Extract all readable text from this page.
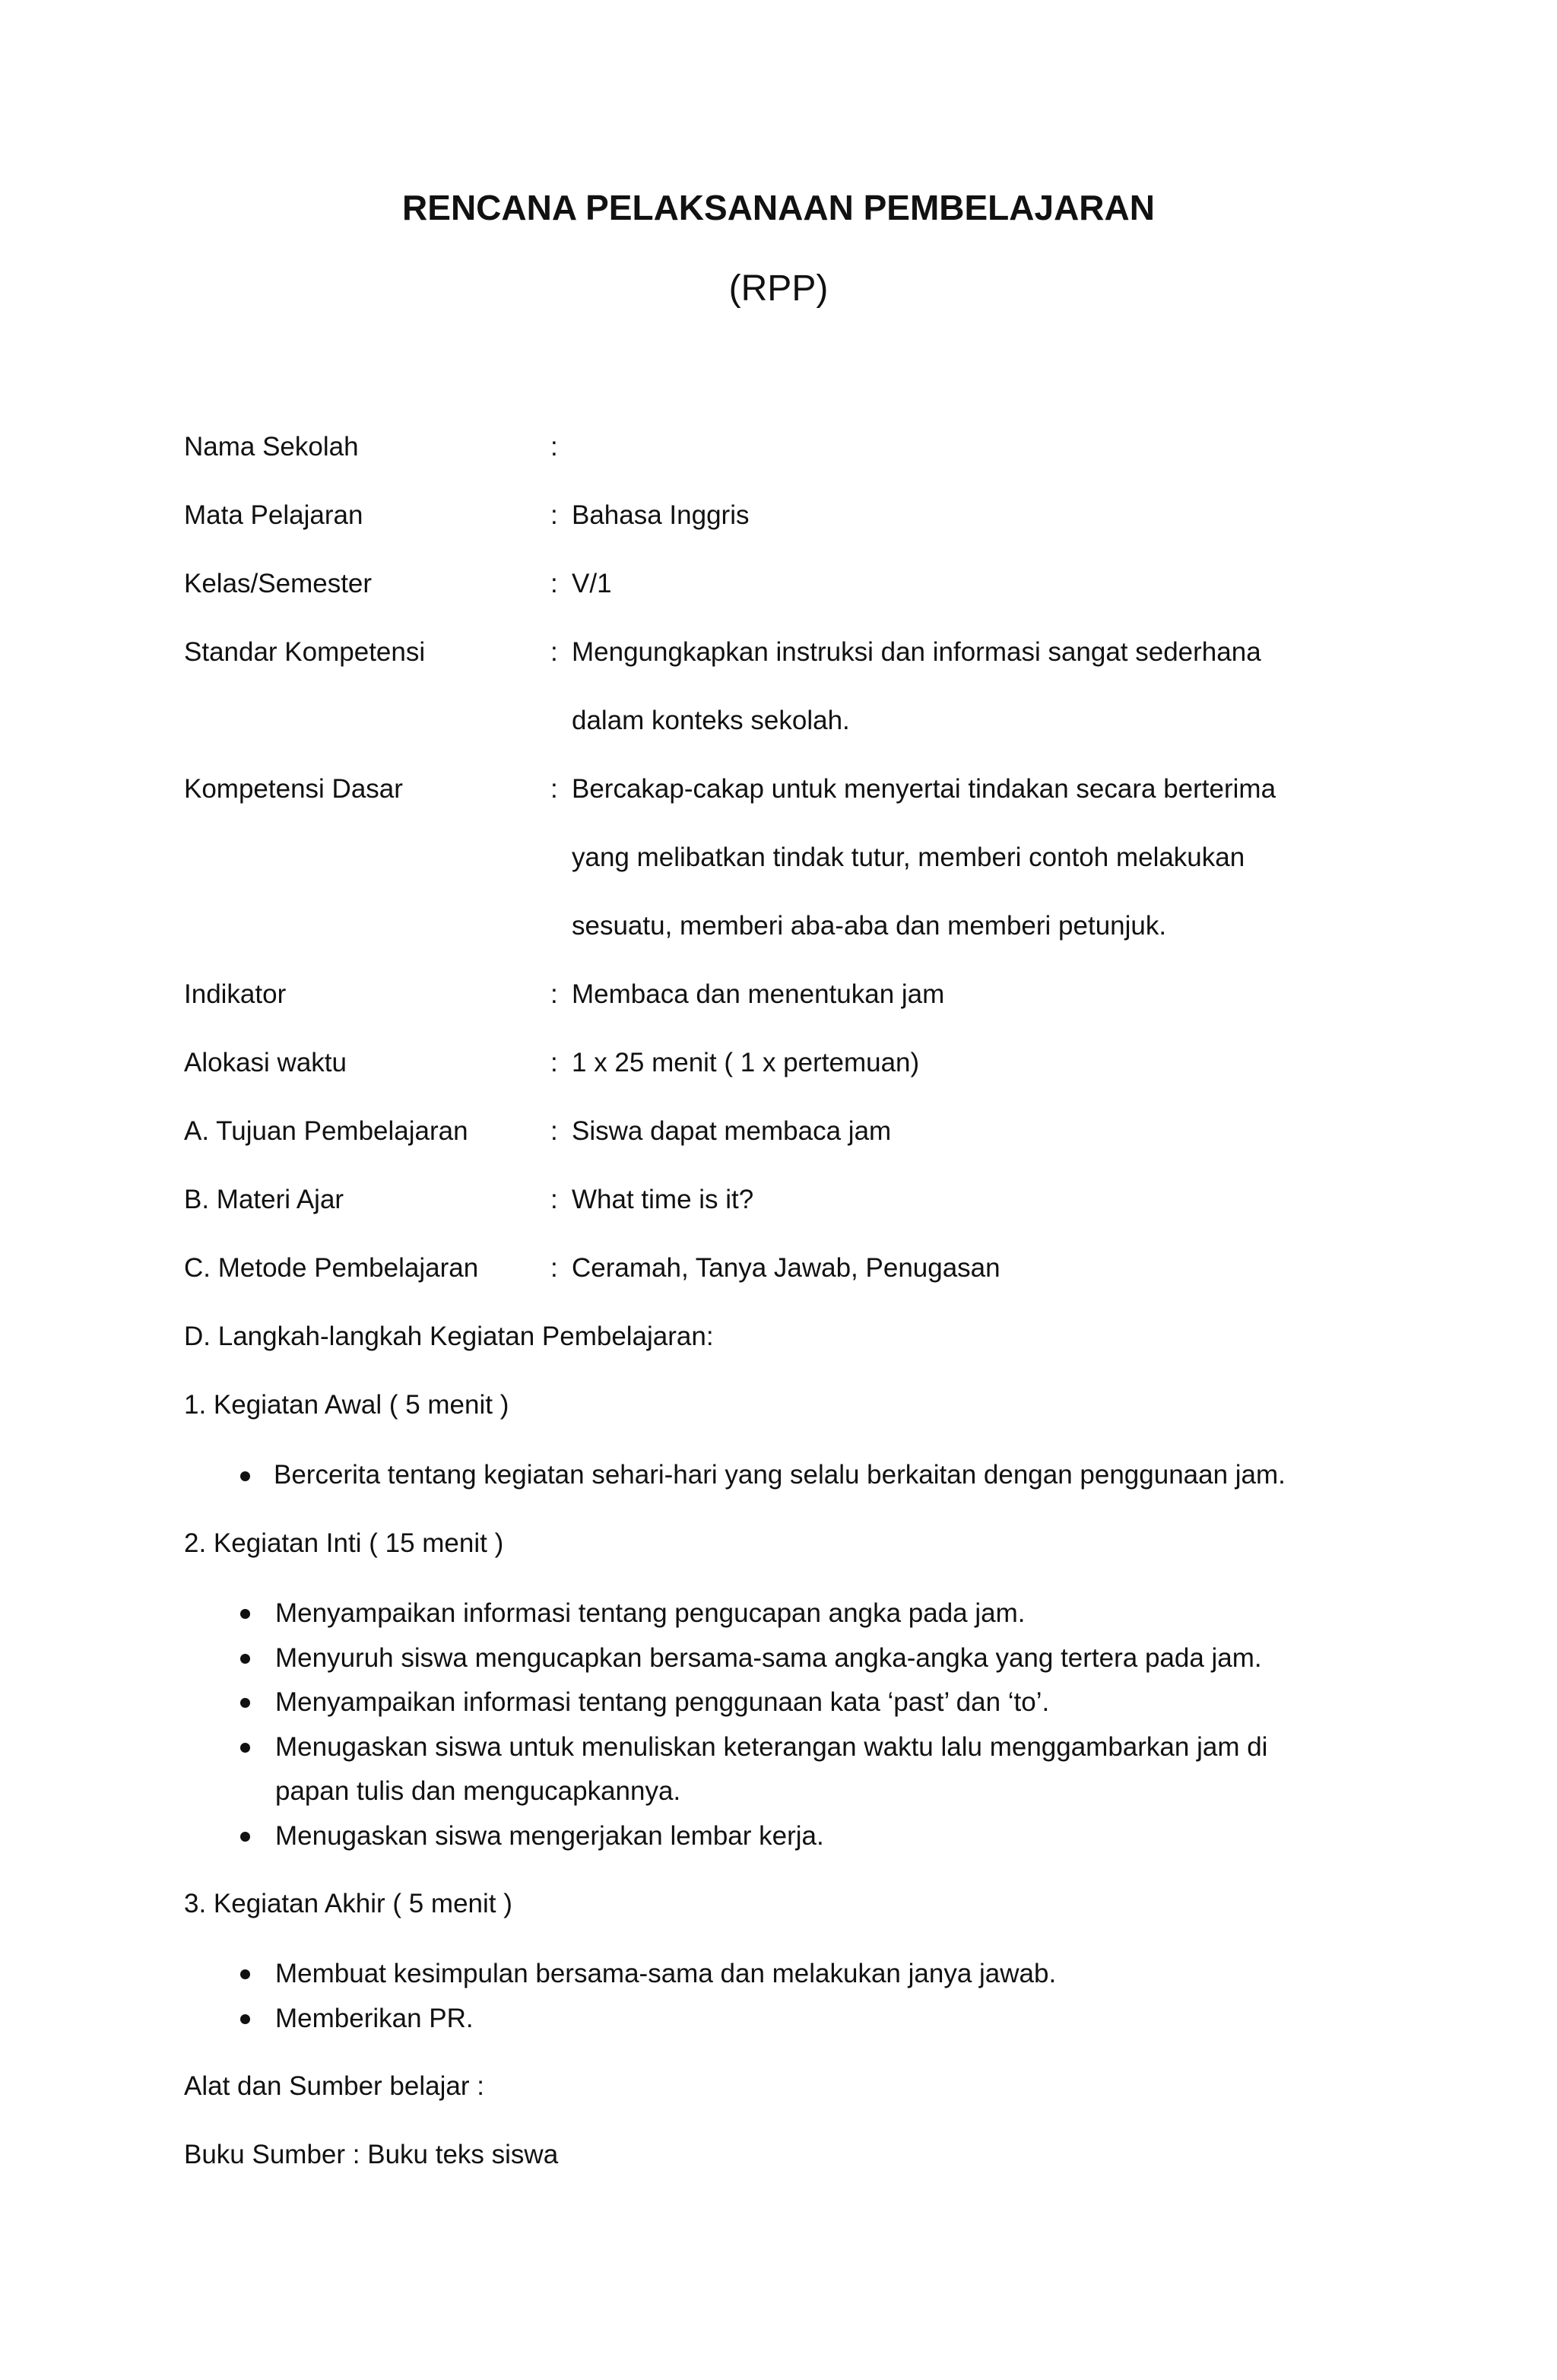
RENCANA PELAKSANAAN PEMBELAJARAN
(RPP)
Nama Sekolah	:
Mata Pelajaran	: Bahasa Inggris
Kelas/Semester	: V/1
Standar Kompetensi	: Mengungkapkan instruksi dan informasi sangat sederhana
dalam konteks sekolah.
Kompetensi Dasar	: Bercakap-cakap untuk menyertai tindakan secara berterima
yang melibatkan tindak tutur, memberi contoh melakukan
sesuatu, memberi aba-aba dan memberi petunjuk.
Indikator	: Membaca dan menentukan jam
Alokasi waktu	: 1 x 25 menit ( 1 x pertemuan)
A. Tujuan Pembelajaran	: Siswa dapat membaca jam
B. Materi Ajar	: What time is it?
C. Metode Pembelajaran	: Ceramah, Tanya Jawab, Penugasan
D. Langkah-langkah Kegiatan Pembelajaran:
1. Kegiatan Awal ( 5 menit )
Bercerita tentang kegiatan sehari-hari yang selalu berkaitan dengan penggunaan jam.
2. Kegiatan Inti ( 15 menit )
Menyampaikan informasi tentang pengucapan angka pada jam.
Menyuruh siswa mengucapkan bersama-sama angka-angka yang tertera pada jam.
Menyampaikan informasi tentang penggunaan kata ‘past’ dan ‘to’.
Menugaskan siswa untuk menuliskan keterangan waktu lalu menggambarkan jam di
papan tulis dan mengucapkannya.
Menugaskan siswa mengerjakan lembar kerja.
3. Kegiatan Akhir ( 5 menit )
Membuat kesimpulan bersama-sama dan melakukan janya jawab.
Memberikan PR.
Alat dan Sumber belajar :
Buku Sumber : Buku teks siswa
